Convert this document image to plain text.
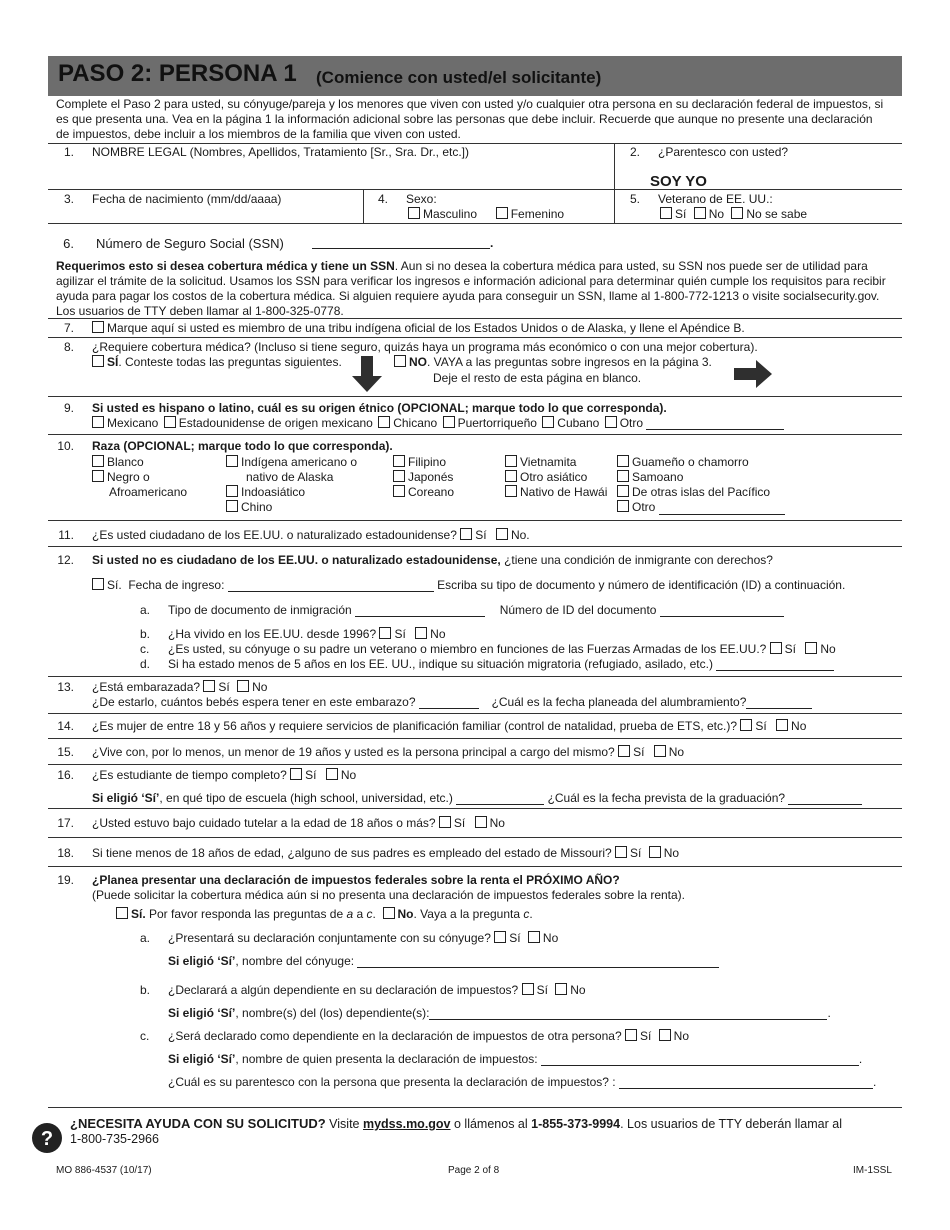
PASO 2: PERSONA 1 (Comience con usted/el solicitante)
Complete el Paso 2 para usted, su cónyuge/pareja y los menores que viven con usted y/o cualquier otra persona en su declaración federal de impuestos, si es que presenta una. Vea en la página 1 la información adicional sobre las personas que debe incluir. Recuerde que aunque no presente una declaración de impuestos, debe incluir a los miembros de la familia que viven con usted.
1. NOMBRE LEGAL (Nombres, Apellidos, Tratamiento [Sr., Sra. Dr., etc.])	2. ¿Parentesco con usted?
SOY YO
3. Fecha de nacimiento (mm/dd/aaaa)	4. Sexo:
Masculino	Femenino
5. Veterano de EE. UU.:
Sí No No se sabe
6. Número de Seguro Social (SSN)	.
Requerimos esto si desea cobertura médica y tiene un SSN. Aun si no desea la cobertura médica para usted, su SSN nos puede ser de utilidad para agilizar el trámite de la solicitud. Usamos los SSN para verificar los ingresos e información adicional para determinar quién cumple los requisitos para recibir ayuda para pagar los costos de la cobertura médica. Si alguien requiere ayuda para conseguir un SSN, llame al 1-800-772-1213 o visite socialsecurity.gov. Los usuarios de TTY deben llamar al 1-800-325-0778.
7.	Marque aquí si usted es miembro de una tribu indígena oficial de los Estados Unidos o de Alaska, y llene el Apéndice B.
8. ¿Requiere cobertura médica? (Incluso si tiene seguro, quizás haya un programa más económico o con una mejor cobertura).
SÍ. Conteste todas las preguntas siguientes.	NO. VAYA a las preguntas sobre ingresos en la página 3.
Deje el resto de esta página en blanco.
9. Si usted es hispano o latino, cuál es su origen étnico (OPCIONAL; marque todo lo que corresponda).
Mexicano Estadounidense de origen mexicano Chicano Puertorriqueño Cubano Otro
10. Raza (OPCIONAL; marque todo lo que corresponda).
Blanco
Negro o
Afroamericano
Indígena americano o
nativo de Alaska
Indoasiático
Chino
Filipino
Japonés
Coreano
Vietnamita
Otro asiático
Nativo de Hawái
Guameño o chamorro
Samoano
De otras islas del Pacífico
Otro
11. ¿Es usted ciudadano de los EE.UU. o naturalizado estadounidense? Sí No.
12. Si usted no es ciudadano de los EE.UU. o naturalizado estadounidense, ¿tiene una condición de inmigrante con derechos?
Sí. Fecha de ingreso:	Escriba su tipo de documento y número de identificación (ID) a continuación.
a. Tipo de documento de inmigración	Número de ID del documento
b. ¿Ha vivido en los EE.UU. desde 1996? Sí No
c. ¿Es usted, su cónyuge o su padre un veterano o miembro en funciones de las Fuerzas Armadas de los EE.UU.? Sí No
d. Si ha estado menos de 5 años en los EE. UU., indique su situación migratoria (refugiado, asilado, etc.)
13. ¿Está embarazada? Sí No
¿De estarlo, cuántos bebés espera tener en este embarazo?	¿Cuál es la fecha planeada del alumbramiento?
14. ¿Es mujer de entre 18 y 56 años y requiere servicios de planificación familiar (control de natalidad, prueba de ETS, etc.)? Sí No
15. ¿Vive con, por lo menos, un menor de 19 años y usted es la persona principal a cargo del mismo? Sí No
16. ¿Es estudiante de tiempo completo? Sí No
Si eligió ‘Sí’, en qué tipo de escuela (high school, universidad, etc.)	¿Cuál es la fecha prevista de la graduación?
17. ¿Usted estuvo bajo cuidado tutelar a la edad de 18 años o más? Sí No
18. Si tiene menos de 18 años de edad, ¿alguno de sus padres es empleado del estado de Missouri? Sí No
19. ¿Planea presentar una declaración de impuestos federales sobre la renta el PRÓXIMO AÑO?
(Puede solicitar la cobertura médica aún si no presenta una declaración de impuestos federales sobre la renta).
Sí. Por favor responda las preguntas de a a c. No. Vaya a la pregunta c.
a. ¿Presentará su declaración conjuntamente con su cónyuge? Sí No
Si eligió ‘Sí’, nombre del cónyuge:
b. ¿Declarará a algún dependiente en su declaración de impuestos? Sí No
Si eligió ‘Sí’, nombre(s) del (los) dependiente(s):	.
c. ¿Será declarado como dependiente en la declaración de impuestos de otra persona? Sí No
Si eligió ‘Sí’, nombre de quien presenta la declaración de impuestos:	.
¿Cuál es su parentesco con la persona que presenta la declaración de impuestos? :	.
?
¿NECESITA AYUDA CON SU SOLICITUD? Visite mydss.mo.gov o llámenos al 1-855-373-9994. Los usuarios de TTY deberán llamar al
1-800-735-2966
MO 886-4537 (10/17)	Page 2 of 8	IM-1SSL
